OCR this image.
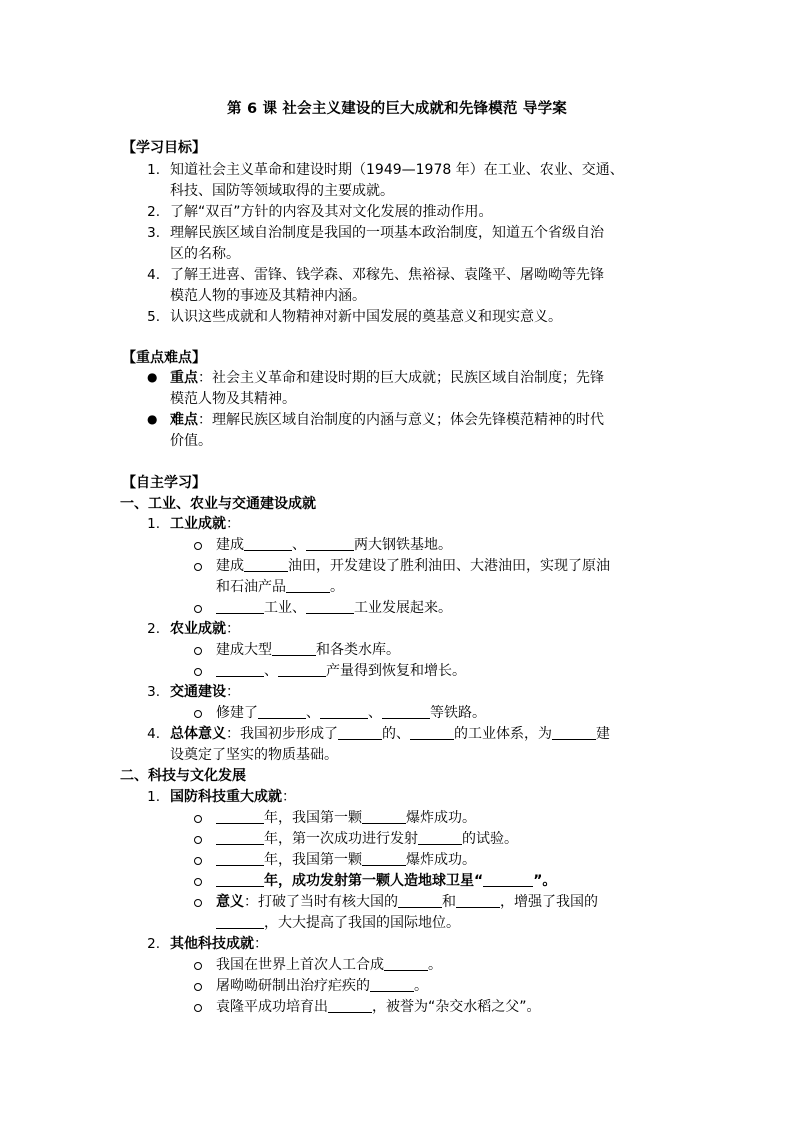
第 6 课 社会主义建设的巨大成就和先锋模范 导学案
【学习目标】
1. 知道社会主义革命和建设时期（1949—1978 年）在工业、农业、交通、
科技、国防等领域取得的主要成就。
2. 了解“双百”方针的内容及其对文化发展的推动作用。
3. 理解民族区域自治制度是我国的一项基本政治制度，知道五个省级自治
区的名称。
4. 了解王进喜、雷锋、钱学森、邓稼先、焦裕禄、袁隆平、屠呦呦等先锋
模范人物的事迹及其精神内涵。
5. 认识这些成就和人物精神对新中国发展的奠基意义和现实意义。
【重点难点】
● 重点：社会主义革命和建设时期的巨大成就；民族区域自治制度；先锋
模范人物及其精神。
● 难点：理解民族区域自治制度的内涵与意义；体会先锋模范精神的时代
价值。
【自主学习】
一、工业、农业与交通建设成就
1. 工业成就：
建成	、	两大钢铁基地。
建成	油田，开发建设了胜利油田、大港油田，实现了原油
和石油产品	。
工业、	工业发展起来。
2. 农业成就：
建成大型	和各类水库。
、	产量得到恢复和增长。
3. 交通建设：
修建了	、	、	等铁路。
4. 总体意义：我国初步形成了	的、	的工业体系，为	建
设奠定了坚实的物质基础。
二、科技与文化发展
1. 国防科技重大成就：
年，我国第一颗	爆炸成功。
年，第一次成功进行发射	的试验。
年，我国第一颗	爆炸成功。
年，成功发射第一颗人造地球卫星“	”。
意义：打破了当时有核大国的	和	，增强了我国的
，大大提高了我国的国际地位。
2. 其他科技成就：
我国在世界上首次人工合成	。
屠呦呦研制出治疗疟疾的	。
袁隆平成功培育出	，被誉为“杂交水稻之父”。
